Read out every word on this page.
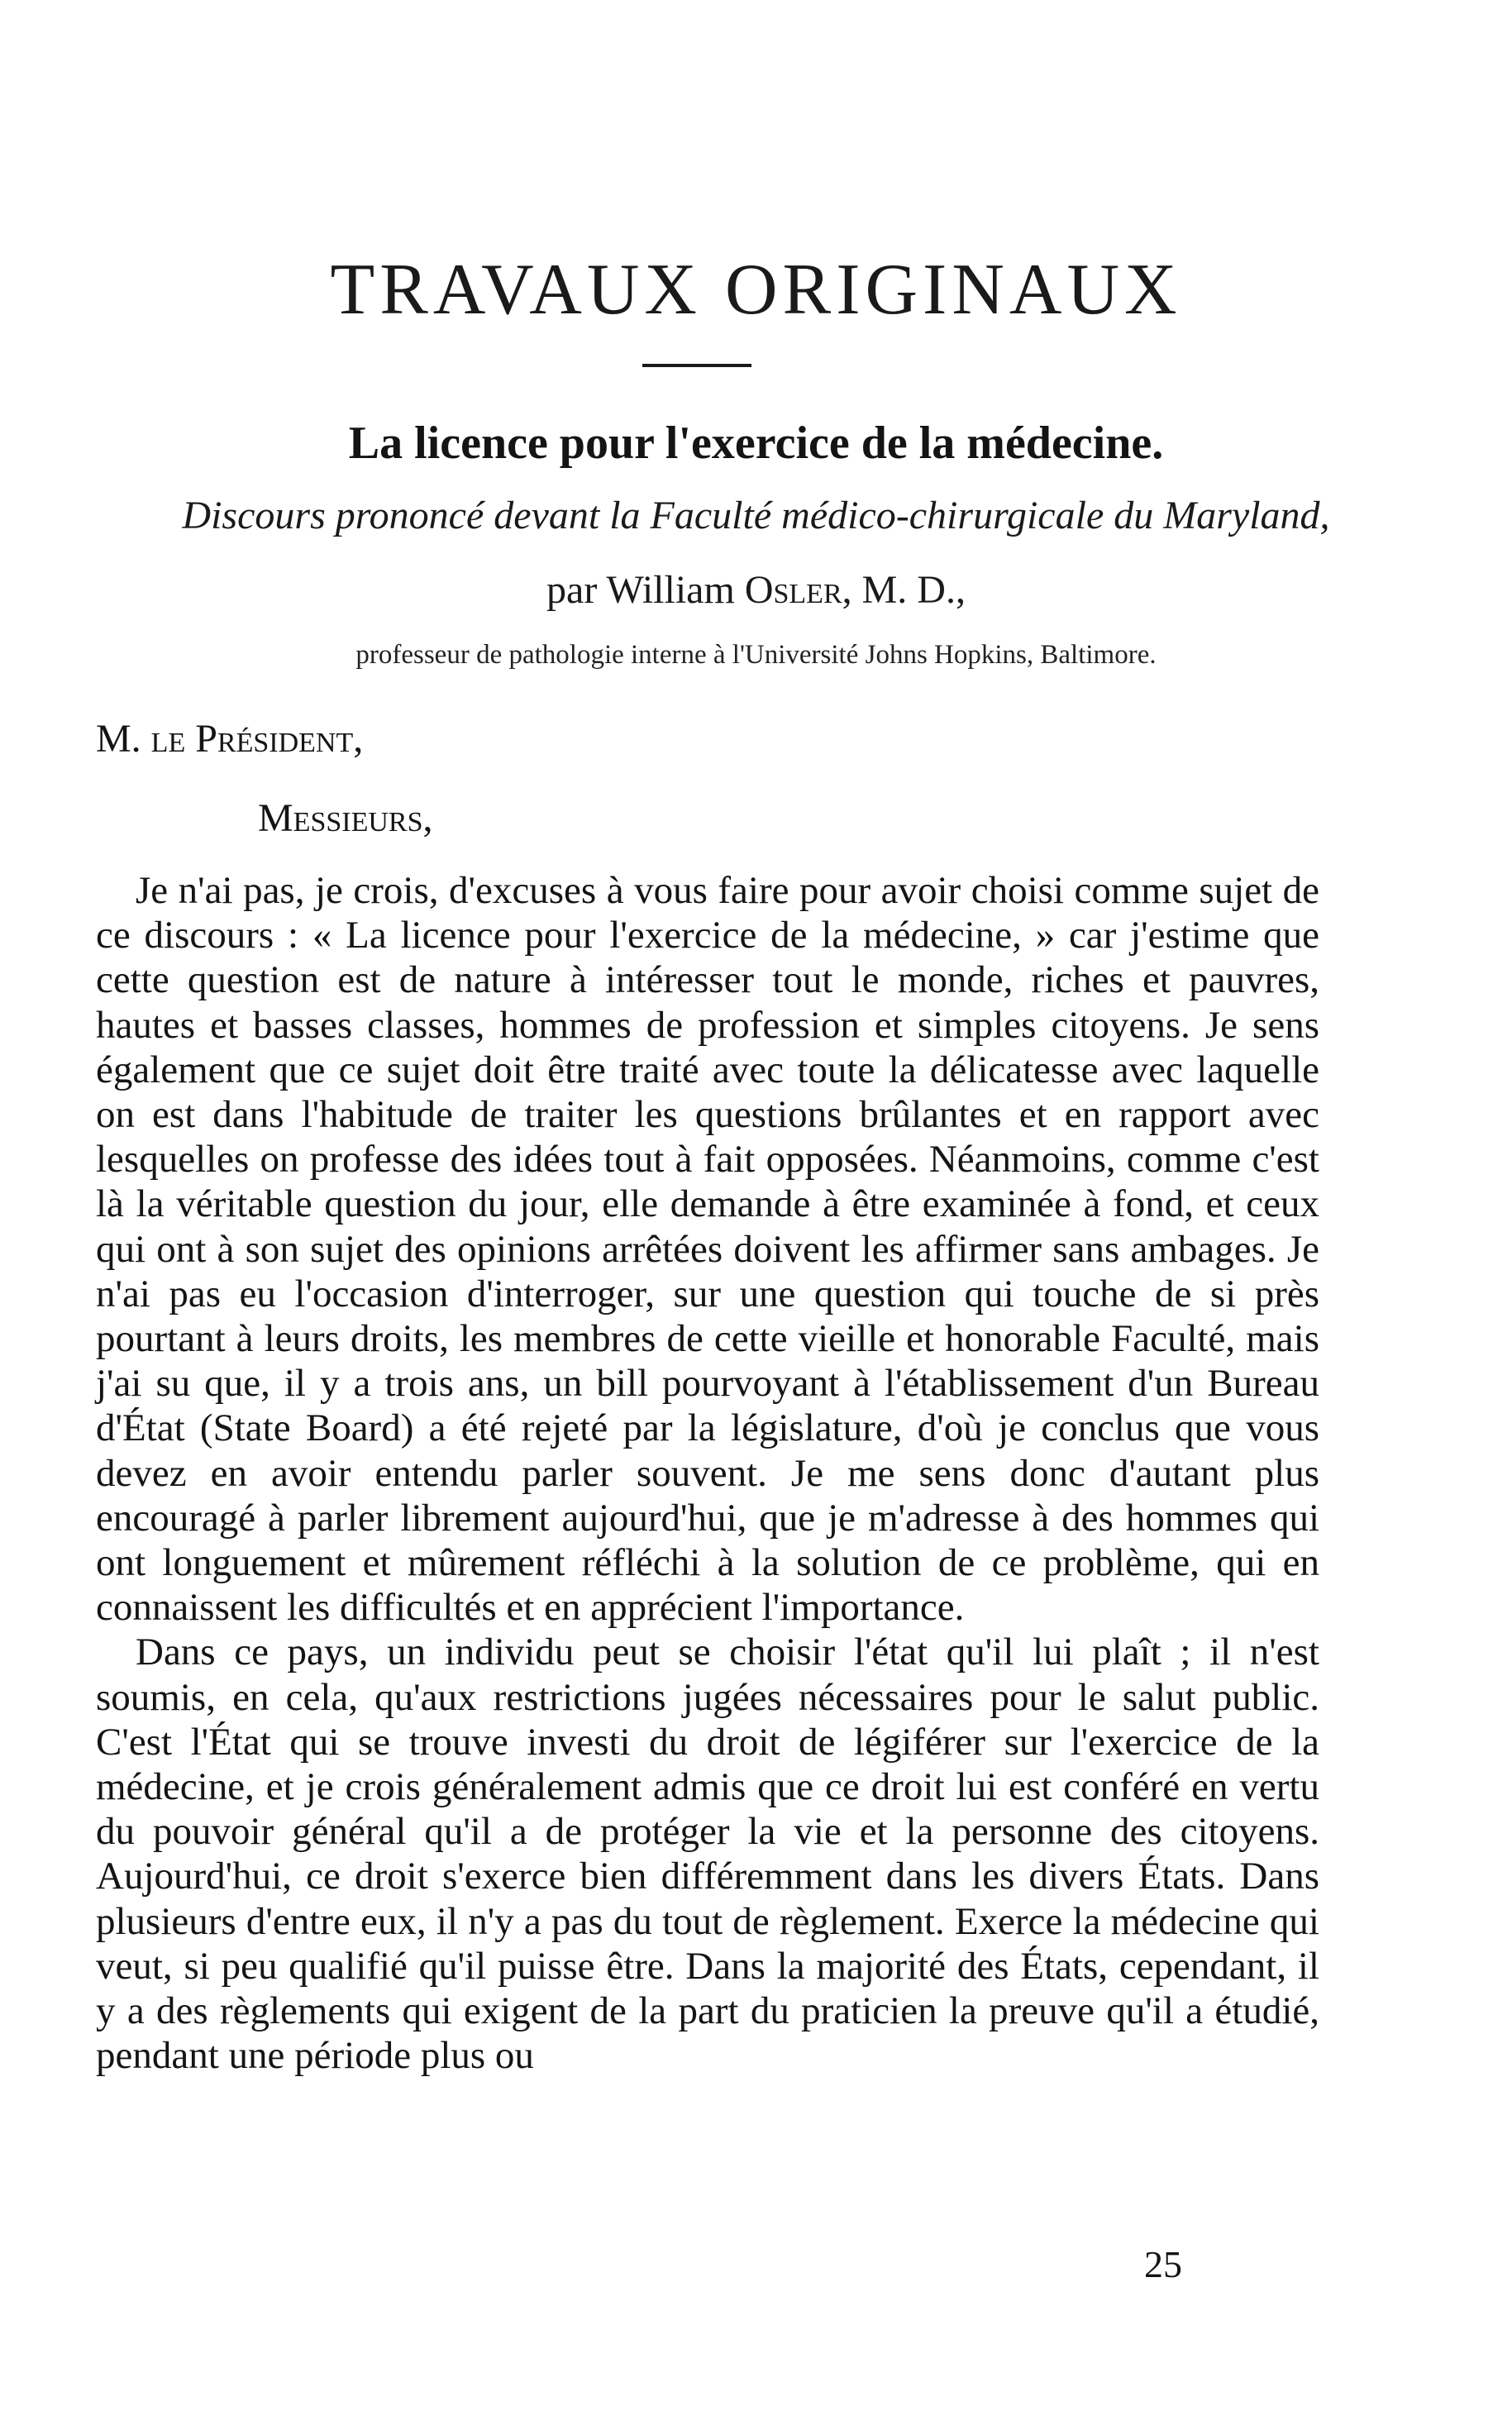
TRAVAUX ORIGINAUX
La licence pour l'exercice de la médecine.
Discours prononcé devant la Faculté médico-chirurgicale du Maryland,
par William Osler, M. D.,
professeur de pathologie interne à l'Université Johns Hopkins, Baltimore.
M. le Président,
Messieurs,

Je n'ai pas, je crois, d'excuses à vous faire pour avoir choisi comme sujet de ce discours : « La licence pour l'exercice de la médecine, » car j'estime que cette question est de nature à intéresser tout le monde, riches et pauvres, hautes et basses classes, hommes de profession et simples citoyens. Je sens également que ce sujet doit être traité avec toute la délicatesse avec laquelle on est dans l'habitude de traiter les questions brûlantes et en rapport avec lesquelles on professe des idées tout à fait opposées. Néanmoins, comme c'est là la véritable question du jour, elle demande à être examinée à fond, et ceux qui ont à son sujet des opinions arrêtées doivent les affirmer sans ambages. Je n'ai pas eu l'occasion d'interroger, sur une question qui touche de si près pourtant à leurs droits, les membres de cette vieille et honorable Faculté, mais j'ai su que, il y a trois ans, un bill pourvoyant à l'établissement d'un Bureau d'État (State Board) a été rejeté par la législature, d'où je conclus que vous devez en avoir entendu parler souvent. Je me sens donc d'autant plus encouragé à parler librement aujourd'hui, que je m'adresse à des hommes qui ont longuement et mûrement réfléchi à la solution de ce problème, qui en connaissent les difficultés et en apprécient l'importance.

Dans ce pays, un individu peut se choisir l'état qu'il lui plaît ; il n'est soumis, en cela, qu'aux restrictions jugées nécessaires pour le salut public. C'est l'État qui se trouve investi du droit de légiférer sur l'exercice de la médecine, et je crois généralement admis que ce droit lui est conféré en vertu du pouvoir général qu'il a de protéger la vie et la personne des citoyens. Aujourd'hui, ce droit s'exerce bien différemment dans les divers États. Dans plusieurs d'entre eux, il n'y a pas du tout de règlement. Exerce la médecine qui veut, si peu qualifié qu'il puisse être. Dans la majorité des États, cependant, il y a des règlements qui exigent de la part du praticien la preuve qu'il a étudié, pendant une période plus ou

25
